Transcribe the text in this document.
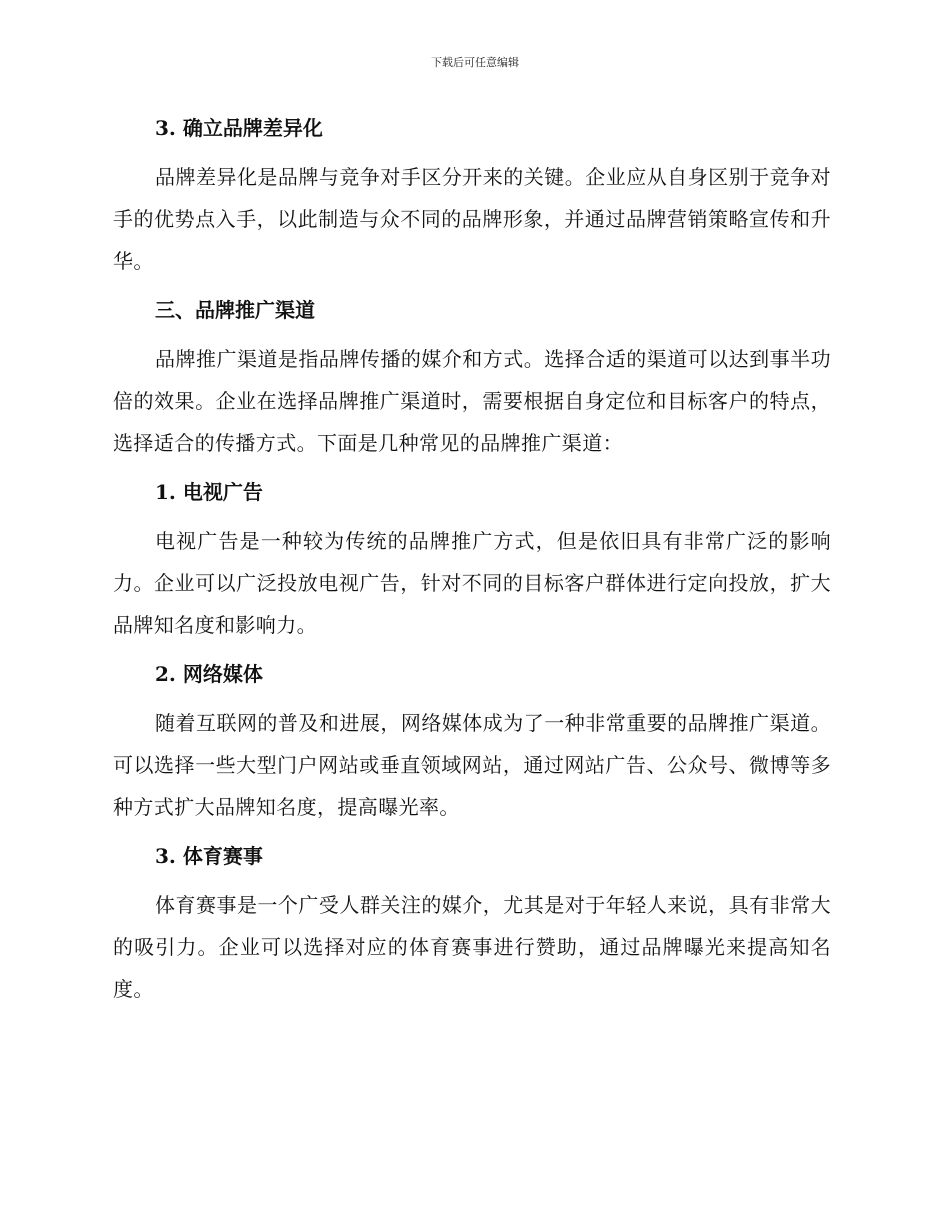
下载后可任意编辑
3. 确立品牌差异化

品牌差异化是品牌与竞争对手区分开来的关键。企业应从自身区别于竞争对手的优势点入手，以此制造与众不同的品牌形象，并通过品牌营销策略宣传和升华。

三、品牌推广渠道

品牌推广渠道是指品牌传播的媒介和方式。选择合适的渠道可以达到事半功倍的效果。企业在选择品牌推广渠道时，需要根据自身定位和目标客户的特点，选择适合的传播方式。下面是几种常见的品牌推广渠道：

1. 电视广告

电视广告是一种较为传统的品牌推广方式，但是依旧具有非常广泛的影响力。企业可以广泛投放电视广告，针对不同的目标客户群体进行定向投放，扩大品牌知名度和影响力。

2. 网络媒体

随着互联网的普及和进展，网络媒体成为了一种非常重要的品牌推广渠道。可以选择一些大型门户网站或垂直领域网站，通过网站广告、公众号、微博等多种方式扩大品牌知名度，提高曝光率。

3. 体育赛事

体育赛事是一个广受人群关注的媒介，尤其是对于年轻人来说，具有非常大的吸引力。企业可以选择对应的体育赛事进行赞助，通过品牌曝光来提高知名度。
